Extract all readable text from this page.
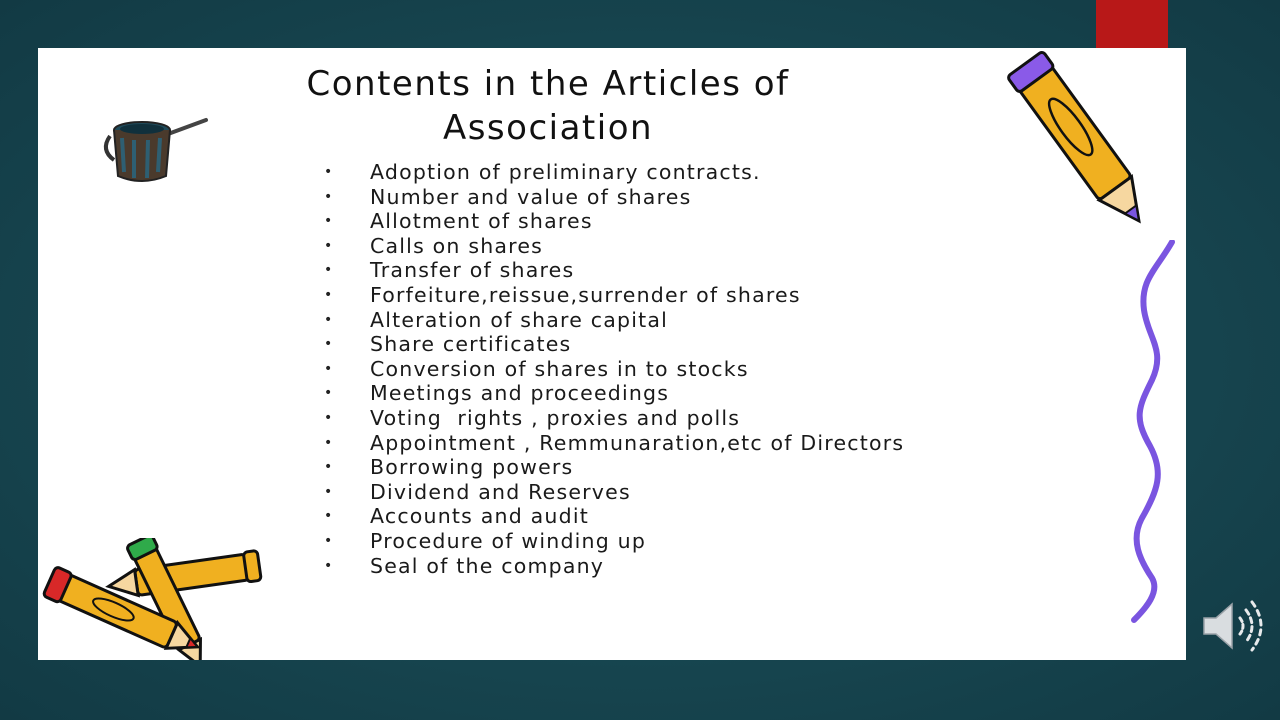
Contents in the Articles of
Association
• Adoption of preliminary contracts.
• Number and value of shares
• Allotment of shares
• Calls on shares
• Transfer of shares
• Forfeiture,reissue,surrender of shares
• Alteration of share capital
• Share certificates
• Conversion of shares in to stocks
• Meetings and proceedings
• Voting  rights , proxies and polls
• Appointment , Remmunaration,etc of Directors
• Borrowing powers
• Dividend and Reserves
• Accounts and audit
• Procedure of winding up
• Seal of the company
